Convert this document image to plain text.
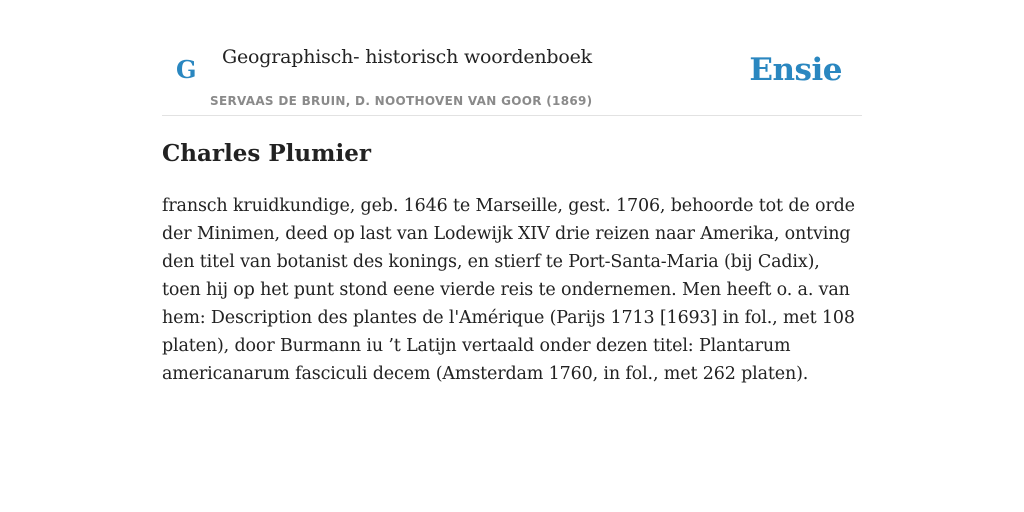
G Geographisch- historisch woordenboek
SERVAAS DE BRUIN, D. NOOTHOVEN VAN GOOR (1869)
Ensie
Charles Plumier

fransch kruidkundige, geb. 1646 te Marseille, gest. 1706, behoorde tot de orde der Minimen, deed op last van Lodewijk XIV drie reizen naar Amerika, ontving den titel van botanist des konings, en stierf te Port-Santa-Maria (bij Cadix), toen hij op het punt stond eene vierde reis te ondernemen. Men heeft o. a. van hem: Description des plantes de l'Amérique (Parijs 1713 [1693] in fol., met 108 platen), door Burmann iu ’t Latijn vertaald onder dezen titel: Plantarum americanarum fasciculi decem (Amsterdam 1760, in fol., met 262 platen).
